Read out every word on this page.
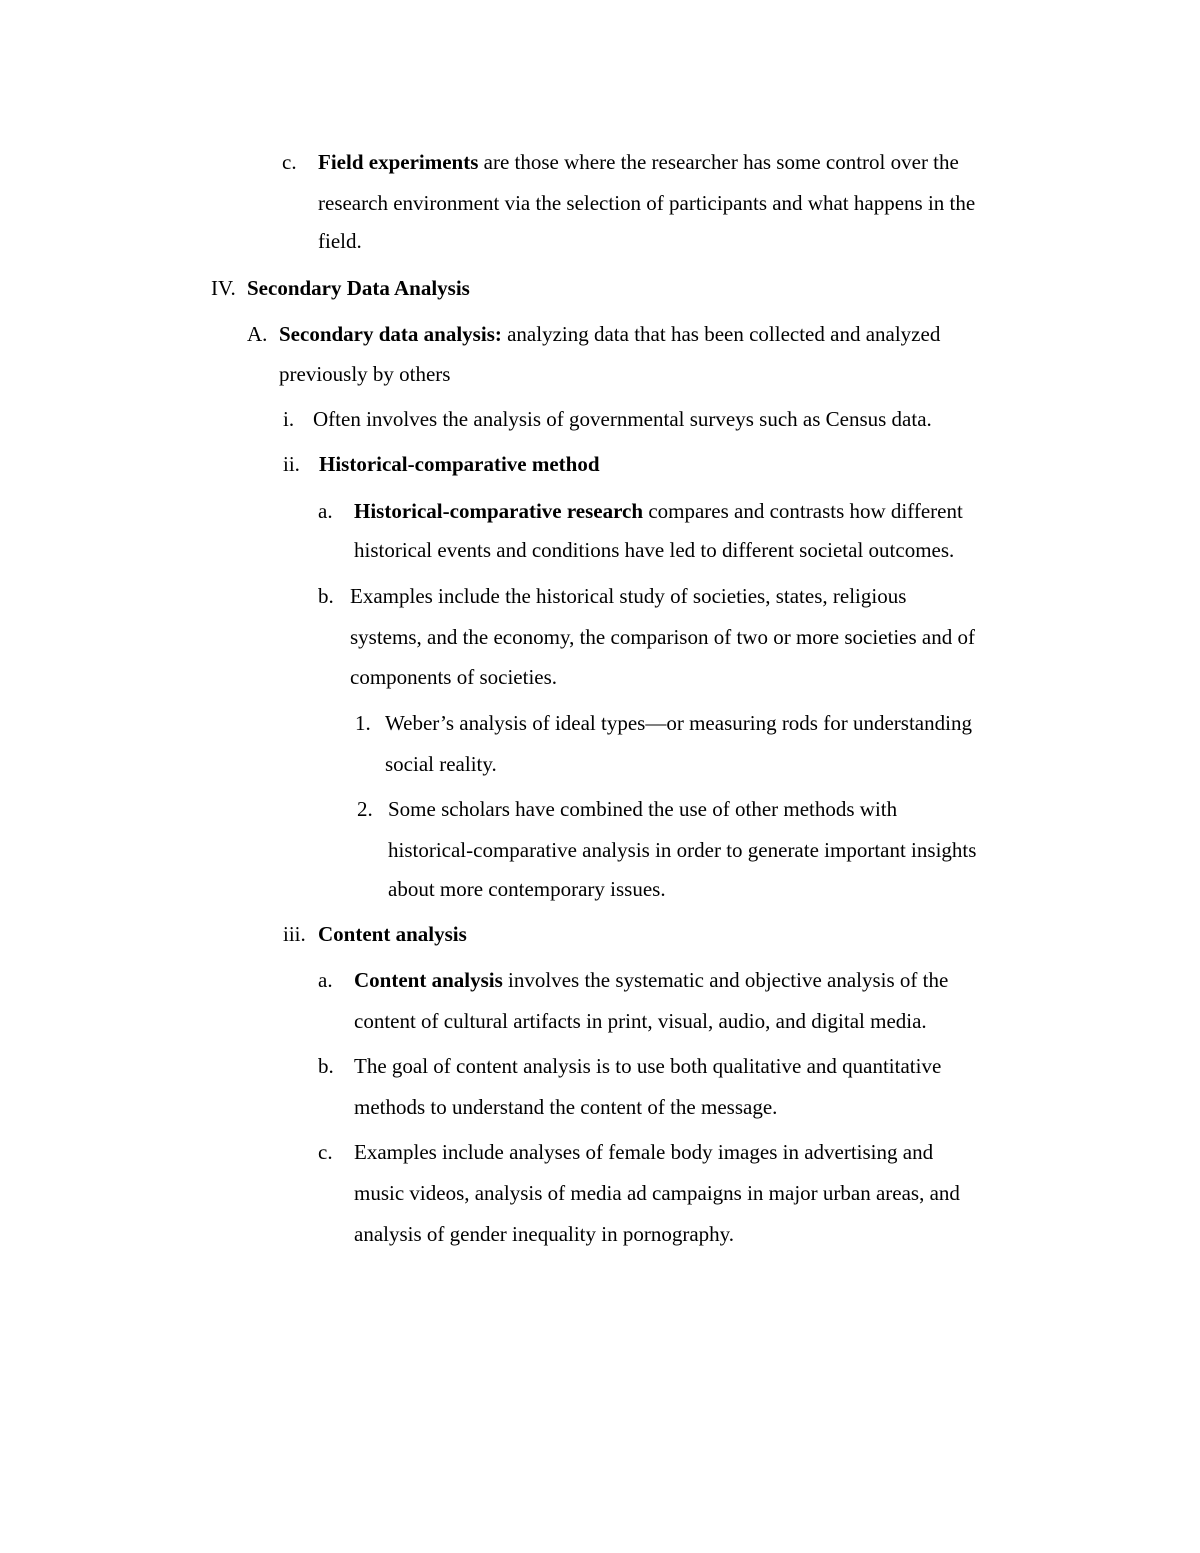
c. Field experiments are those where the researcher has some control over the
research environment via the selection of participants and what happens in the
field.
IV. Secondary Data Analysis
A. Secondary data analysis: analyzing data that has been collected and analyzed
previously by others
i. Often involves the analysis of governmental surveys such as Census data.
ii. Historical-comparative method
a. Historical-comparative research compares and contrasts how different
historical events and conditions have led to different societal outcomes.
b. Examples include the historical study of societies, states, religious
systems, and the economy, the comparison of two or more societies and of
components of societies.
1. Weber’s analysis of ideal types—or measuring rods for understanding
social reality.
2. Some scholars have combined the use of other methods with
historical-comparative analysis in order to generate important insights
about more contemporary issues.
iii. Content analysis
a. Content analysis involves the systematic and objective analysis of the
content of cultural artifacts in print, visual, audio, and digital media.
b. The goal of content analysis is to use both qualitative and quantitative
methods to understand the content of the message.
c. Examples include analyses of female body images in advertising and
music videos, analysis of media ad campaigns in major urban areas, and
analysis of gender inequality in pornography.
